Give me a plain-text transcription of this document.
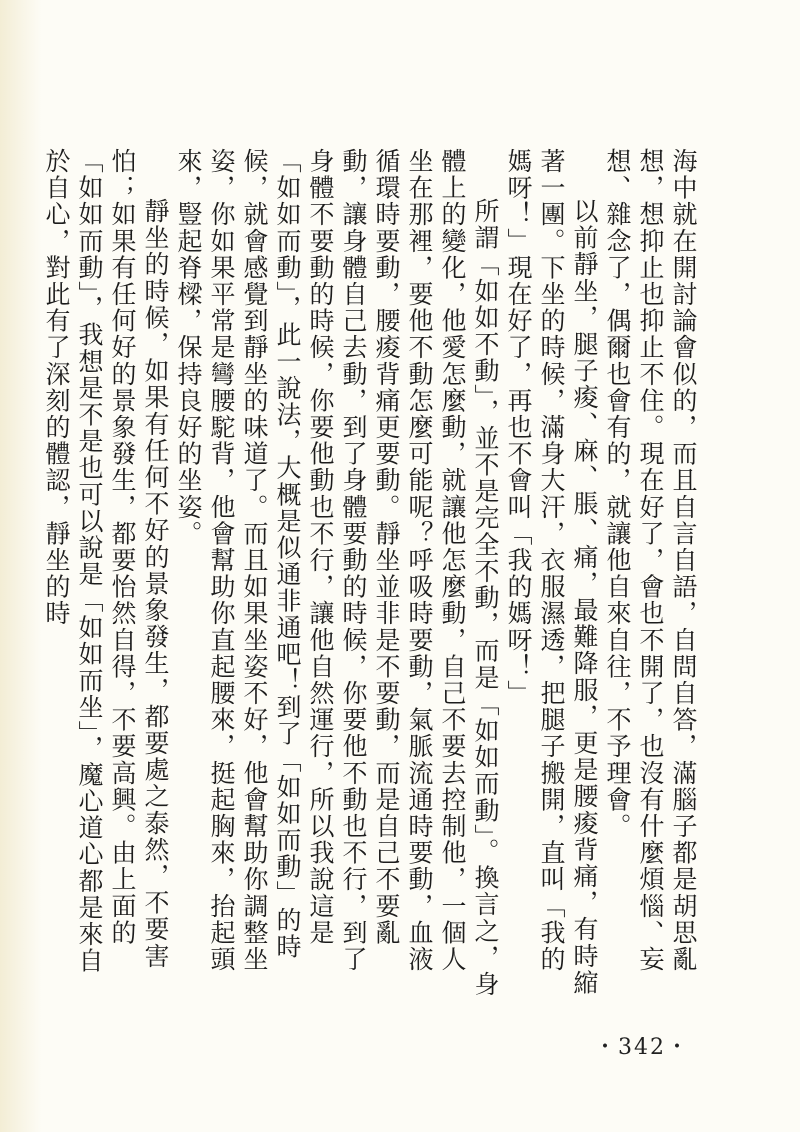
海中就在開討論會似的，而且自言自語，自問自答，滿腦子都是胡思亂想，想抑止也抑止不住。現在好了，會也不開了，也沒有什麼煩惱、妄想、雜念了，偶爾也會有的，就讓他自來自往，不予理會。

以前靜坐，腿子痠、麻、脹、痛，最難降服，更是腰痠背痛，有時縮著一團。下坐的時候，滿身大汗，衣服濕透，把腿子搬開，直叫「我的媽呀！」現在好了，再也不會叫「我的媽呀！」

所謂「如如不動」，並不是完全不動，而是「如如而動」。換言之，身體上的變化，他愛怎麼動，就讓他怎麼動，自己不要去控制他，一個人坐在那裡，要他不動怎麼可能呢？呼吸時要動，氣脈流通時要動，血液循環時要動，腰痠背痛更要動。靜坐並非是不要動，而是自己不要亂動，讓身體自己去動，到了身體要動的時候，你要他不動也不行，到了身體不要動的時候，你要他動也不行，讓他自然運行，所以我說這是「如如而動」，此一說法，大概是似通非通吧！到了「如如而動」的時候，就會感覺到靜坐的味道了。而且如果坐姿不好，他會幫助你調整坐姿，你如果平常是彎腰駝背，他會幫助你直起腰來，挺起胸來，抬起頭來，豎起脊樑，保持良好的坐姿。

靜坐的時候，如果有任何不好的景象發生，都要處之泰然，不要害怕；如果有任何好的景象發生，都要怡然自得，不要高興。由上面的「如如而動」，我想是不是也可以說是「如如而坐」，魔心道心都是來自於自心，對此有了深刻的體認，靜坐的時

・342・
